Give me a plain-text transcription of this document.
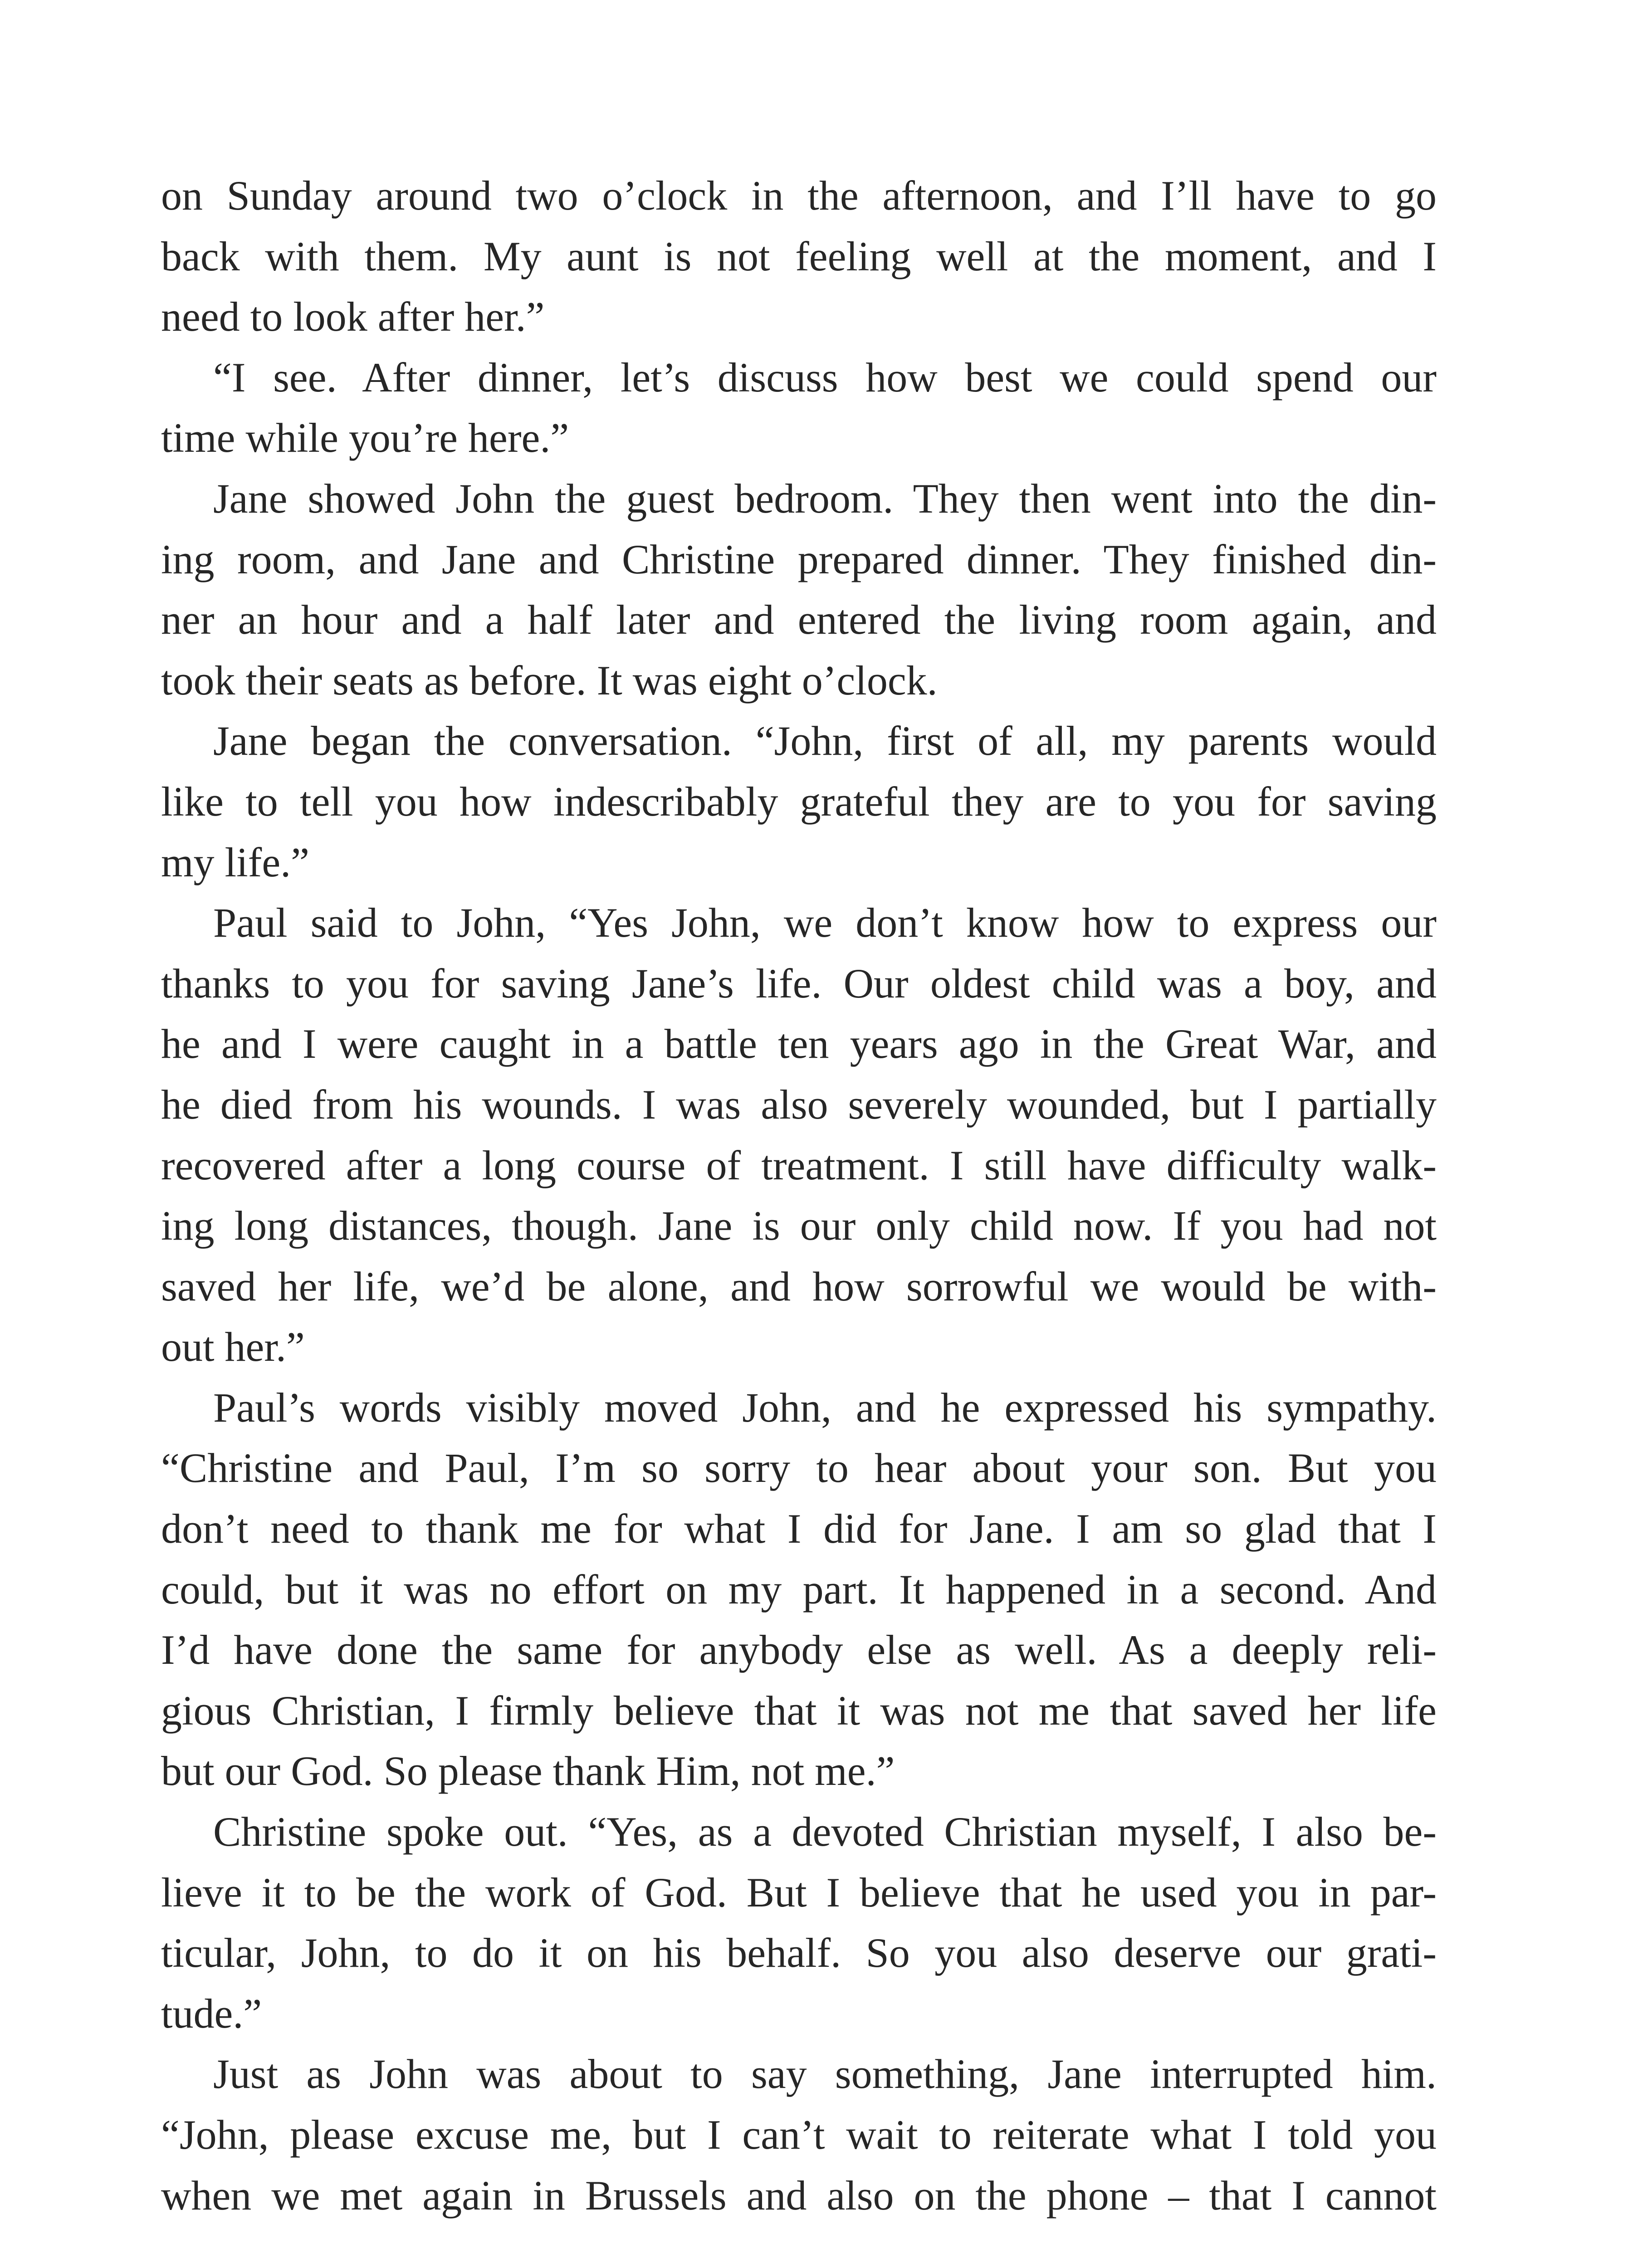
on Sunday around two o’clock in the afternoon, and I’ll have to go
back with them. My aunt is not feeling well at the moment, and I
need to look after her.”

“I see. After dinner, let’s discuss how best we could spend our
time while you’re here.”

Jane showed John the guest bedroom. They then went into the din-
ing room, and Jane and Christine prepared dinner. They finished din-
ner an hour and a half later and entered the living room again, and
took their seats as before. It was eight o’clock.

Jane began the conversation. “John, first of all, my parents would
like to tell you how indescribably grateful they are to you for saving
my life.”

Paul said to John, “Yes John, we don’t know how to express our
thanks to you for saving Jane’s life. Our oldest child was a boy, and
he and I were caught in a battle ten years ago in the Great War, and
he died from his wounds. I was also severely wounded, but I partially
recovered after a long course of treatment. I still have difficulty walk-
ing long distances, though. Jane is our only child now. If you had not
saved her life, we’d be alone, and how sorrowful we would be with-
out her.”

Paul’s words visibly moved John, and he expressed his sympathy.
“Christine and Paul, I’m so sorry to hear about your son. But you
don’t need to thank me for what I did for Jane. I am so glad that I
could, but it was no effort on my part. It happened in a second. And
I’d have done the same for anybody else as well. As a deeply reli-
gious Christian, I firmly believe that it was not me that saved her life
but our God. So please thank Him, not me.”

Christine spoke out. “Yes, as a devoted Christian myself, I also be-
lieve it to be the work of God. But I believe that he used you in par-
ticular, John, to do it on his behalf. So you also deserve our grati-
tude.”

Just as John was about to say something, Jane interrupted him.
“John, please excuse me, but I can’t wait to reiterate what I told you
when we met again in Brussels and also on the phone – that I cannot
